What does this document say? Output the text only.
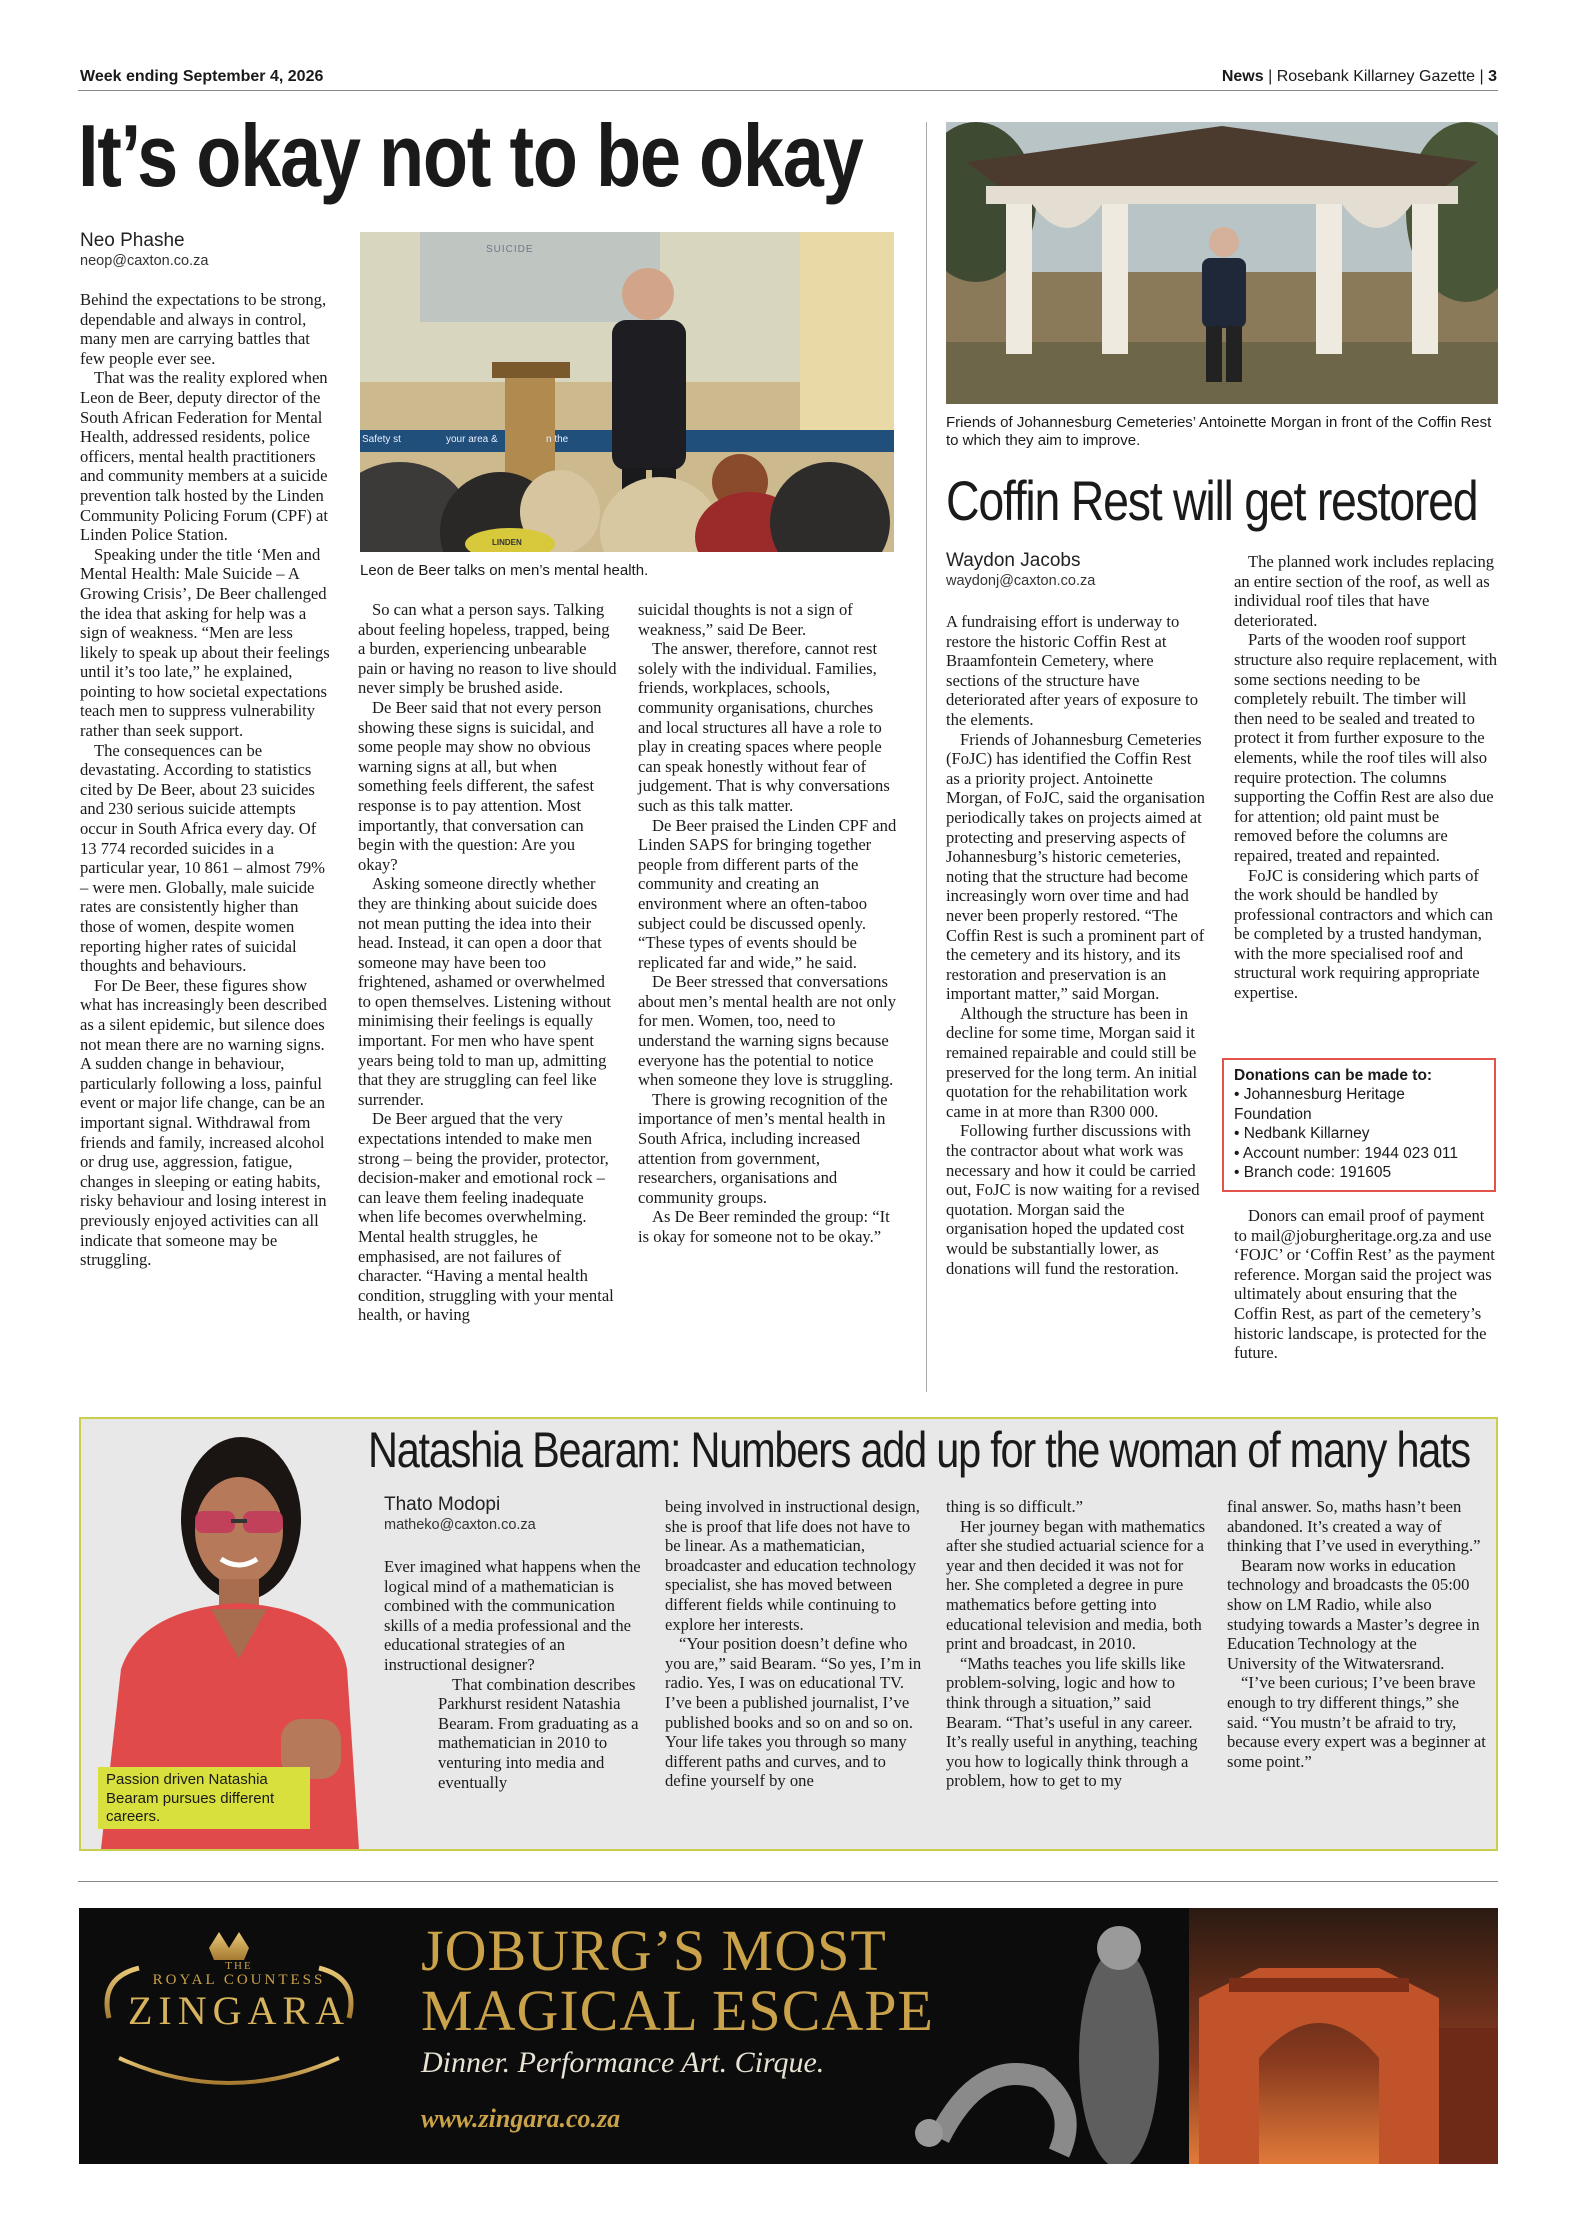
Week ending September 4, 2026	News | Rosebank Killarney Gazette | 3
It’s okay not to be okay
Neo Phashe
neop@caxton.co.za
SUICIDE
Safety st	your area &	n the
LINDEN
Leon de Beer talks on men’s mental health.

Behind the expectations to be strong, dependable and always in control, many men are carrying battles that few people ever see.

That was the reality explored when Leon de Beer, deputy director of the South African Federation for Mental Health, addressed residents, police officers, mental health practitioners and community members at a suicide prevention talk hosted by the Linden Community Policing Forum (CPF) at Linden Police Station.

Speaking under the title ‘Men and Mental Health: Male Suicide – A Growing Crisis’, De Beer challenged the idea that asking for help was a sign of weakness. “Men are less likely to speak up about their feelings until it’s too late,” he explained, pointing to how societal expectations teach men to suppress vulnerability rather than seek support.

The consequences can be devastating. According to statistics cited by De Beer, about 23 suicides and 230 serious suicide attempts occur in South Africa every day. Of 13 774 recorded suicides in a particular year, 10 861 – almost 79% – were men. Globally, male suicide rates are consistently higher than those of women, despite women reporting higher rates of suicidal thoughts and behaviours.

For De Beer, these figures show what has increasingly been described as a silent epidemic, but silence does not mean there are no warning signs. A sudden change in behaviour, particularly following a loss, painful event or major life change, can be an important signal. Withdrawal from friends and family, increased alcohol or drug use, aggression, fatigue, changes in sleeping or eating habits, risky behaviour and losing interest in previously enjoyed activities can all indicate that someone may be struggling.

So can what a person says. Talking about feeling hopeless, trapped, being a burden, experiencing unbearable pain or having no reason to live should never simply be brushed aside.

De Beer said that not every person showing these signs is suicidal, and some people may show no obvious warning signs at all, but when something feels different, the safest response is to pay attention. Most importantly, that conversation can begin with the question: Are you okay?

Asking someone directly whether they are thinking about suicide does not mean putting the idea into their head. Instead, it can open a door that someone may have been too frightened, ashamed or overwhelmed to open themselves. Listening without minimising their feelings is equally important. For men who have spent years being told to man up, admitting that they are struggling can feel like surrender.

De Beer argued that the very expectations intended to make men strong – being the provider, protector, decision-maker and emotional rock – can leave them feeling inadequate when life becomes overwhelming. Mental health struggles, he emphasised, are not failures of character. “Having a mental health condition, struggling with your mental health, or having

suicidal thoughts is not a sign of weakness,” said De Beer.

The answer, therefore, cannot rest solely with the individual. Families, friends, workplaces, schools, community organisations, churches and local structures all have a role to play in creating spaces where people can speak honestly without fear of judgement. That is why conversations such as this talk matter.

De Beer praised the Linden CPF and Linden SAPS for bringing together people from different parts of the community and creating an environment where an often-taboo subject could be discussed openly. “These types of events should be replicated far and wide,” he said.

De Beer stressed that conversations about men’s mental health are not only for men. Women, too, need to understand the warning signs because everyone has the potential to notice when someone they love is struggling.

There is growing recognition of the importance of men’s mental health in South Africa, including increased attention from government, researchers, organisations and community groups.

As De Beer reminded the group: “It is okay for someone not to be okay.”

Friends of Johannesburg Cemeteries’ Antoinette Morgan in front of the Coffin Rest to which they aim to improve.
Coffin Rest will get restored
Waydon Jacobs
waydonj@caxton.co.za

A fundraising effort is underway to restore the historic Coffin Rest at Braamfontein Cemetery, where sections of the structure have deteriorated after years of exposure to the elements.

Friends of Johannesburg Cemeteries (FoJC) has identified the Coffin Rest as a priority project. Antoinette Morgan, of FoJC, said the organisation periodically takes on projects aimed at protecting and preserving aspects of Johannesburg’s historic cemeteries, noting that the structure had become increasingly worn over time and had never been properly restored. “The Coffin Rest is such a prominent part of the cemetery and its history, and its restoration and preservation is an important matter,” said Morgan.

Although the structure has been in decline for some time, Morgan said it remained repairable and could still be preserved for the long term. An initial quotation for the rehabilitation work came in at more than R300 000.

Following further discussions with the contractor about what work was necessary and how it could be carried out, FoJC is now waiting for a revised quotation. Morgan said the organisation hoped the updated cost would be substantially lower, as donations will fund the restoration.

The planned work includes replacing an entire section of the roof, as well as individual roof tiles that have deteriorated.

Parts of the wooden roof support structure also require replacement, with some sections needing to be completely rebuilt. The timber will then need to be sealed and treated to protect it from further exposure to the elements, while the roof tiles will also require protection. The columns supporting the Coffin Rest are also due for attention; old paint must be removed before the columns are repaired, treated and repainted.

FoJC is considering which parts of the work should be handled by professional contractors and which can be completed by a trusted handyman, with the more specialised roof and structural work requiring appropriate expertise.

Donations can be made to:
• Johannesburg Heritage Foundation
• Nedbank Killarney
• Account number: 1944 023 011
• Branch code: 191605

Donors can email proof of payment to mail@joburgheritage.org.za and use ‘FOJC’ or ‘Coffin Rest’ as the payment reference. Morgan said the project was ultimately about ensuring that the Coffin Rest, as part of the cemetery’s historic landscape, is protected for the future.

Passion driven Natashia Bearam pursues different careers.
Natashia Bearam: Numbers add up for the woman of many hats
Thato Modopi
matheko@caxton.co.za

Ever imagined what happens when the logical mind of a mathematician is combined with the communication skills of a media professional and the educational strategies of an instructional designer?

That combination describes Parkhurst resident Natashia Bearam. From graduating as a mathematician in 2010 to venturing into media and eventually

being involved in instructional design, she is proof that life does not have to be linear. As a mathematician, broadcaster and education technology specialist, she has moved between different fields while continuing to explore her interests.

“Your position doesn’t define who you are,” said Bearam. “So yes, I’m in radio. Yes, I was on educational TV. I’ve been a published journalist, I’ve published books and so on and so on. Your life takes you through so many different paths and curves, and to define yourself by one

thing is so difficult.”

Her journey began with mathematics after she studied actuarial science for a year and then decided it was not for her. She completed a degree in pure mathematics before getting into educational television and media, both print and broadcast, in 2010.

“Maths teaches you life skills like problem-solving, logic and how to think through a situation,” said Bearam. “That’s useful in any career. It’s really useful in anything, teaching you how to logically think through a problem, how to get to my

final answer. So, maths hasn’t been abandoned. It’s created a way of thinking that I’ve used in everything.”

Bearam now works in education technology and broadcasts the 05:00 show on LM Radio, while also studying towards a Master’s degree in Education Technology at the University of the Witwatersrand.

“I’ve been curious; I’ve been brave enough to try different things,” she said. “You mustn’t be afraid to try, because every expert was a beginner at some point.”

THE
ROYAL COUNTESS
ZINGARA
JOBURG’S MOST
MAGICAL ESCAPE
Dinner. Performance Art. Cirque.
www.zingara.co.za
